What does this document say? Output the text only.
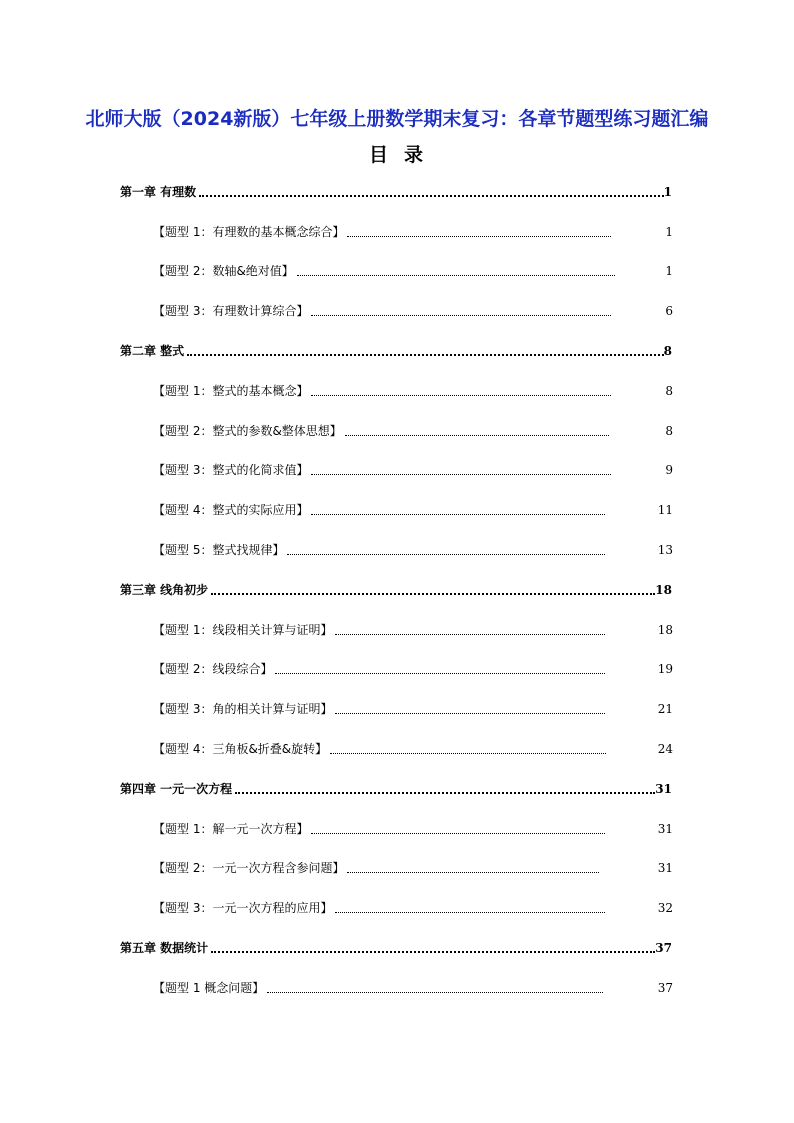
北师大版（2024新版）七年级上册数学期末复习：各章节题型练习题汇编
目 录
第一章 有理数	1
【题型 1：有理数的基本概念综合】	1
【题型 2：数轴&绝对值】	1
【题型 3：有理数计算综合】	6
第二章 整式	8
【题型 1：整式的基本概念】	8
【题型 2：整式的参数&整体思想】	8
【题型 3：整式的化简求值】	9
【题型 4：整式的实际应用】	11
【题型 5：整式找规律】	13
第三章 线角初步	18
【题型 1：线段相关计算与证明】	18
【题型 2：线段综合】	19
【题型 3：角的相关计算与证明】	21
【题型 4：三角板&折叠&旋转】	24
第四章 一元一次方程	31
【题型 1：解一元一次方程】	31
【题型 2：一元一次方程含参问题】	31
【题型 3：一元一次方程的应用】	32
第五章 数据统计	37
【题型 1 概念问题】	37
